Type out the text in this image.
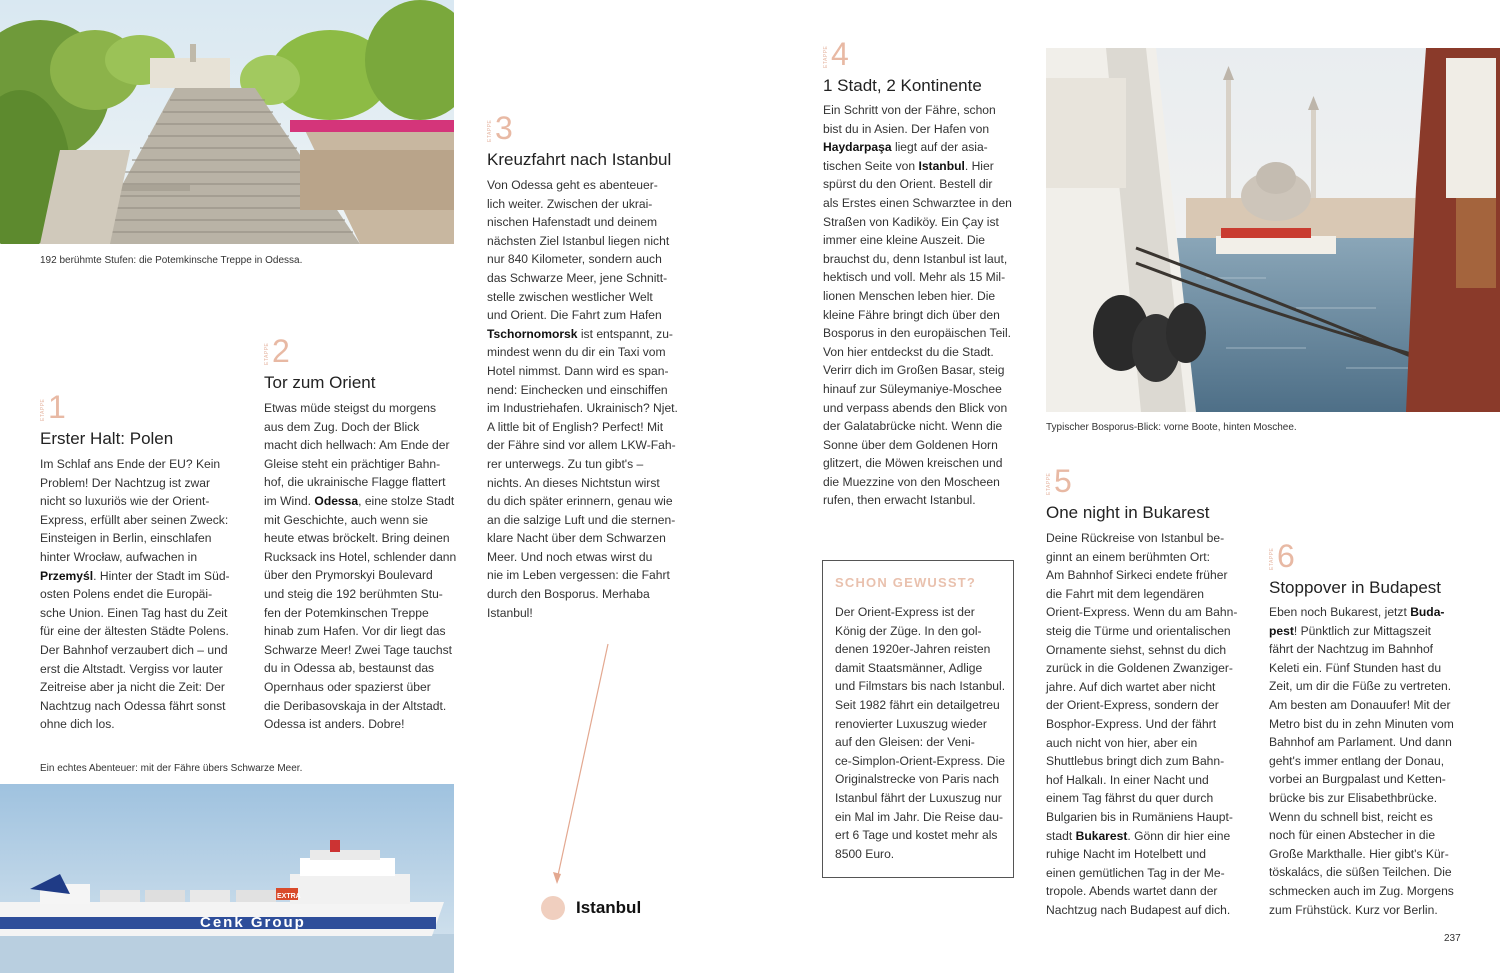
192 berühmte Stufen: die Potemkinsche Treppe in Odessa.
Ein echtes Abenteuer: mit der Fähre übers Schwarze Meer.
EXTRA
Cenk Group
ETAPPE 1
Erster Halt: Polen
Im Schlaf ans Ende der EU? Kein
Problem! Der Nachtzug ist zwar
nicht so luxuriös wie der Orient-
Express, erfüllt aber seinen Zweck:
Einsteigen in Berlin, einschlafen
hinter Wrocław, aufwachen in
Przemyśl. Hinter der Stadt im Süd-
osten Polens endet die Europäi-
sche Union. Einen Tag hast du Zeit
für eine der ältesten Städte Polens.
Der Bahnhof verzaubert dich – und
erst die Altstadt. Vergiss vor lauter
Zeitreise aber ja nicht die Zeit: Der
Nachtzug nach Odessa fährt sonst
ohne dich los.
ETAPPE 2
Tor zum Orient
Etwas müde steigst du morgens
aus dem Zug. Doch der Blick
macht dich hellwach: Am Ende der
Gleise steht ein prächtiger Bahn-
hof, die ukrainische Flagge flattert
im Wind. Odessa, eine stolze Stadt
mit Geschichte, auch wenn sie
heute etwas bröckelt. Bring deinen
Rucksack ins Hotel, schlender dann
über den Prymorskyi Boulevard
und steig die 192 berühmten Stu-
fen der Potemkinschen Treppe
hinab zum Hafen. Vor dir liegt das
Schwarze Meer! Zwei Tage tauchst
du in Odessa ab, bestaunst das
Opernhaus oder spazierst über
die Deribasovskaja in der Altstadt.
Odessa ist anders. Dobre!
ETAPPE 3
Kreuzfahrt nach Istanbul
Von Odessa geht es abenteuer-
lich weiter. Zwischen der ukrai-
nischen Hafenstadt und deinem
nächsten Ziel Istanbul liegen nicht
nur 840 Kilometer, sondern auch
das Schwarze Meer, jene Schnitt-
stelle zwischen westlicher Welt
und Orient. Die Fahrt zum Hafen
Tschornomorsk ist entspannt, zu-
mindest wenn du dir ein Taxi vom
Hotel nimmst. Dann wird es span-
nend: Einchecken und einschiffen
im Industriehafen. Ukrainisch? Njet.
A little bit of English? Perfect! Mit
der Fähre sind vor allem LKW-Fah-
rer unterwegs. Zu tun gibt's –
nichts. An dieses Nichtstun wirst
du dich später erinnern, genau wie
an die salzige Luft und die sternen-
klare Nacht über dem Schwarzen
Meer. Und noch etwas wirst du
nie im Leben vergessen: die Fahrt
durch den Bosporus. Merhaba
Istanbul!
Istanbul
ETAPPE 4
1 Stadt, 2 Kontinente
Ein Schritt von der Fähre, schon
bist du in Asien. Der Hafen von
Haydarpaşa liegt auf der asia-
tischen Seite von Istanbul. Hier
spürst du den Orient. Bestell dir
als Erstes einen Schwarztee in den
Straßen von Kadiköy. Ein Çay ist
immer eine kleine Auszeit. Die
brauchst du, denn Istanbul ist laut,
hektisch und voll. Mehr als 15 Mil-
lionen Menschen leben hier. Die
kleine Fähre bringt dich über den
Bosporus in den europäischen Teil.
Von hier entdeckst du die Stadt.
Verirr dich im Großen Basar, steig
hinauf zur Süleymaniye-Moschee
und verpass abends den Blick von
der Galatabrücke nicht. Wenn die
Sonne über dem Goldenen Horn
glitzert, die Möwen kreischen und
die Muezzine von den Moscheen
rufen, then erwacht Istanbul.
SCHON GEWUSST?
Der Orient-Express ist der
König der Züge. In den gol-
denen 1920er-Jahren reisten
damit Staatsmänner, Adlige
und Filmstars bis nach Istanbul.
Seit 1982 fährt ein detailgetreu
renovierter Luxuszug wieder
auf den Gleisen: der Veni-
ce-Simplon-Orient-Express. Die
Originalstrecke von Paris nach
Istanbul fährt der Luxuszug nur
ein Mal im Jahr. Die Reise dau-
ert 6 Tage und kostet mehr als
8500 Euro.
Typischer Bosporus-Blick: vorne Boote, hinten Moschee.
ETAPPE 5
One night in Bukarest
Deine Rückreise von Istanbul be-
ginnt an einem berühmten Ort:
Am Bahnhof Sirkeci endete früher
die Fahrt mit dem legendären
Orient-Express. Wenn du am Bahn-
steig die Türme und orientalischen
Ornamente siehst, sehnst du dich
zurück in die Goldenen Zwanziger-
jahre. Auf dich wartet aber nicht
der Orient-Express, sondern der
Bosphor-Express. Und der fährt
auch nicht von hier, aber ein
Shuttlebus bringt dich zum Bahn-
hof Halkalı. In einer Nacht und
einem Tag fährst du quer durch
Bulgarien bis in Rumäniens Haupt-
stadt Bukarest. Gönn dir hier eine
ruhige Nacht im Hotelbett und
einen gemütlichen Tag in der Me-
tropole. Abends wartet dann der
Nachtzug nach Budapest auf dich.
ETAPPE 6
Stoppover in Budapest
Eben noch Bukarest, jetzt Buda-
pest! Pünktlich zur Mittagszeit
fährt der Nachtzug im Bahnhof
Keleti ein. Fünf Stunden hast du
Zeit, um dir die Füße zu vertreten.
Am besten am Donauufer! Mit der
Metro bist du in zehn Minuten vom
Bahnhof am Parlament. Und dann
geht's immer entlang der Donau,
vorbei an Burgpalast und Ketten-
brücke bis zur Elisabethbrücke.
Wenn du schnell bist, reicht es
noch für einen Abstecher in die
Große Markthalle. Hier gibt's Kür-
töskalács, die süßen Teilchen. Die
schmecken auch im Zug. Morgens
zum Frühstück. Kurz vor Berlin.
237
